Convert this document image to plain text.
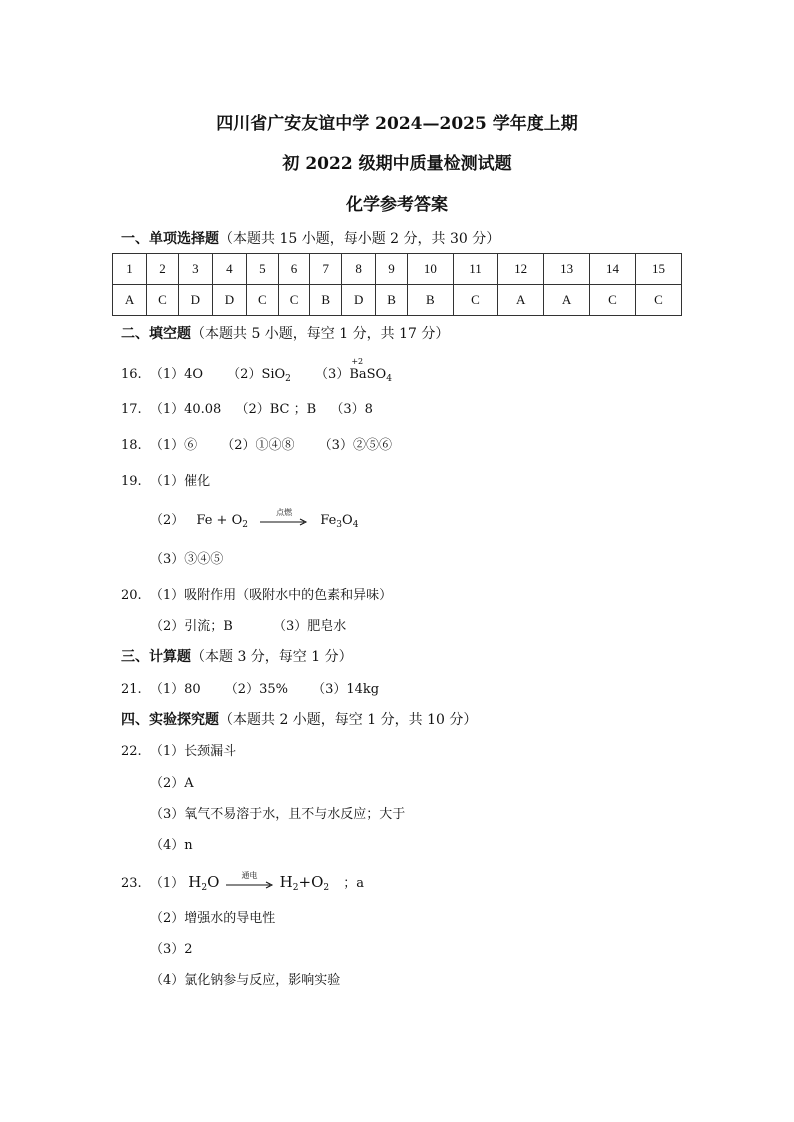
四川省广安友谊中学 2024—2025 学年度上期
初 2022 级期中质量检测试题
化学参考答案
一、单项选择题（本题共 15 小题，每小题 2 分，共 30 分）
1	2	3	4	5	6	7	8	9	10	11	12	13	14	15
A	C	D	D	C	C	B	D	B	B	C	A	A	C	C
二、填空题（本题共 5 小题，每空 1 分，共 17 分）
16. （1）4O （2）SiO$_2$ （3）
+2
BaSO$_4$
17. （1）40.08 （2）BC ；B （3）8
18. （1）⑥ （2）①④⑧ （3）②⑤⑥
19. （1）催化
（2） $Fe + O_2$
点燃
$Fe_3O_4$
（3）③④⑤
20. （1）吸附作用（吸附水中的色素和异味）
（2）引流；B	（3）肥皂水
三、计算题（本题 3 分，每空 1 分）
21. （1）80 （2）35% （3）14kg
四、实验探究题（本题共 2 小题，每空 1 分，共 10 分）
22. （1）长颈漏斗
（2）A
（3）氧气不易溶于水，且不与水反应；大于
（4）n
23. （1） $H_2O$	通电	$H_2+O_2$ ；a
（2）增强水的导电性
（3）2
（4）氯化钠参与反应，影响实验
